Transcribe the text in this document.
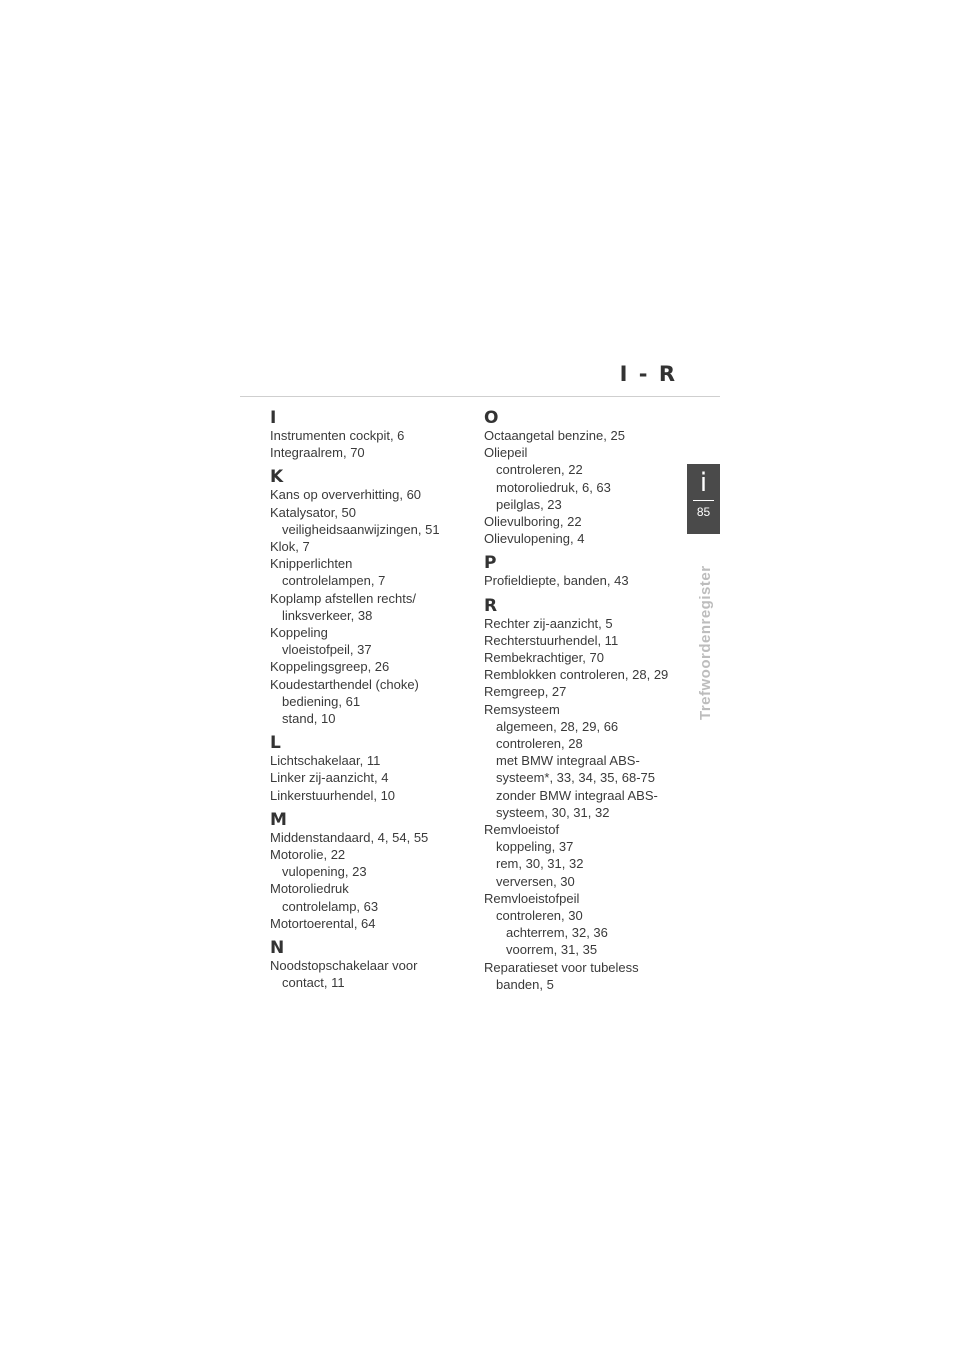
I - R
I
Instrumenten cockpit, 6
Integraalrem, 70
K
Kans op oververhitting, 60
Katalysator, 50
veiligheidsaanwijzingen, 51
Klok, 7
Knipperlichten
controlelampen, 7
Koplamp afstellen rechts/
linksverkeer, 38
Koppeling
vloeistofpeil, 37
Koppelingsgreep, 26
Koudestarthendel (choke)
bediening, 61
stand, 10
L
Lichtschakelaar, 11
Linker zij-aanzicht, 4
Linkerstuurhendel, 10
M
Middenstandaard, 4, 54, 55
Motorolie, 22
vulopening, 23
Motoroliedruk
controlelamp, 63
Motortoerental, 64
N
Noodstopschakelaar voor
contact, 11
O
Octaangetal benzine, 25
Oliepeil
controleren, 22
motoroliedruk, 6, 63
peilglas, 23
Olievulboring, 22
Olievulopening, 4
P
Profieldiepte, banden, 43
R
Rechter zij-aanzicht, 5
Rechterstuurhendel, 11
Rembekrachtiger, 70
Remblokken controleren, 28, 29
Remgreep, 27
Remsysteem
algemeen, 28, 29, 66
controleren, 28
met BMW integraal ABS-
systeem*, 33, 34, 35, 68-75
zonder BMW integraal ABS-
systeem, 30, 31, 32
Remvloeistof
koppeling, 37
rem, 30, 31, 32
verversen, 30
Remvloeistofpeil
controleren, 30
achterrem, 32, 36
voorrem, 31, 35
Reparatieset voor tubeless
banden, 5
i
85
Trefwoordenregister
